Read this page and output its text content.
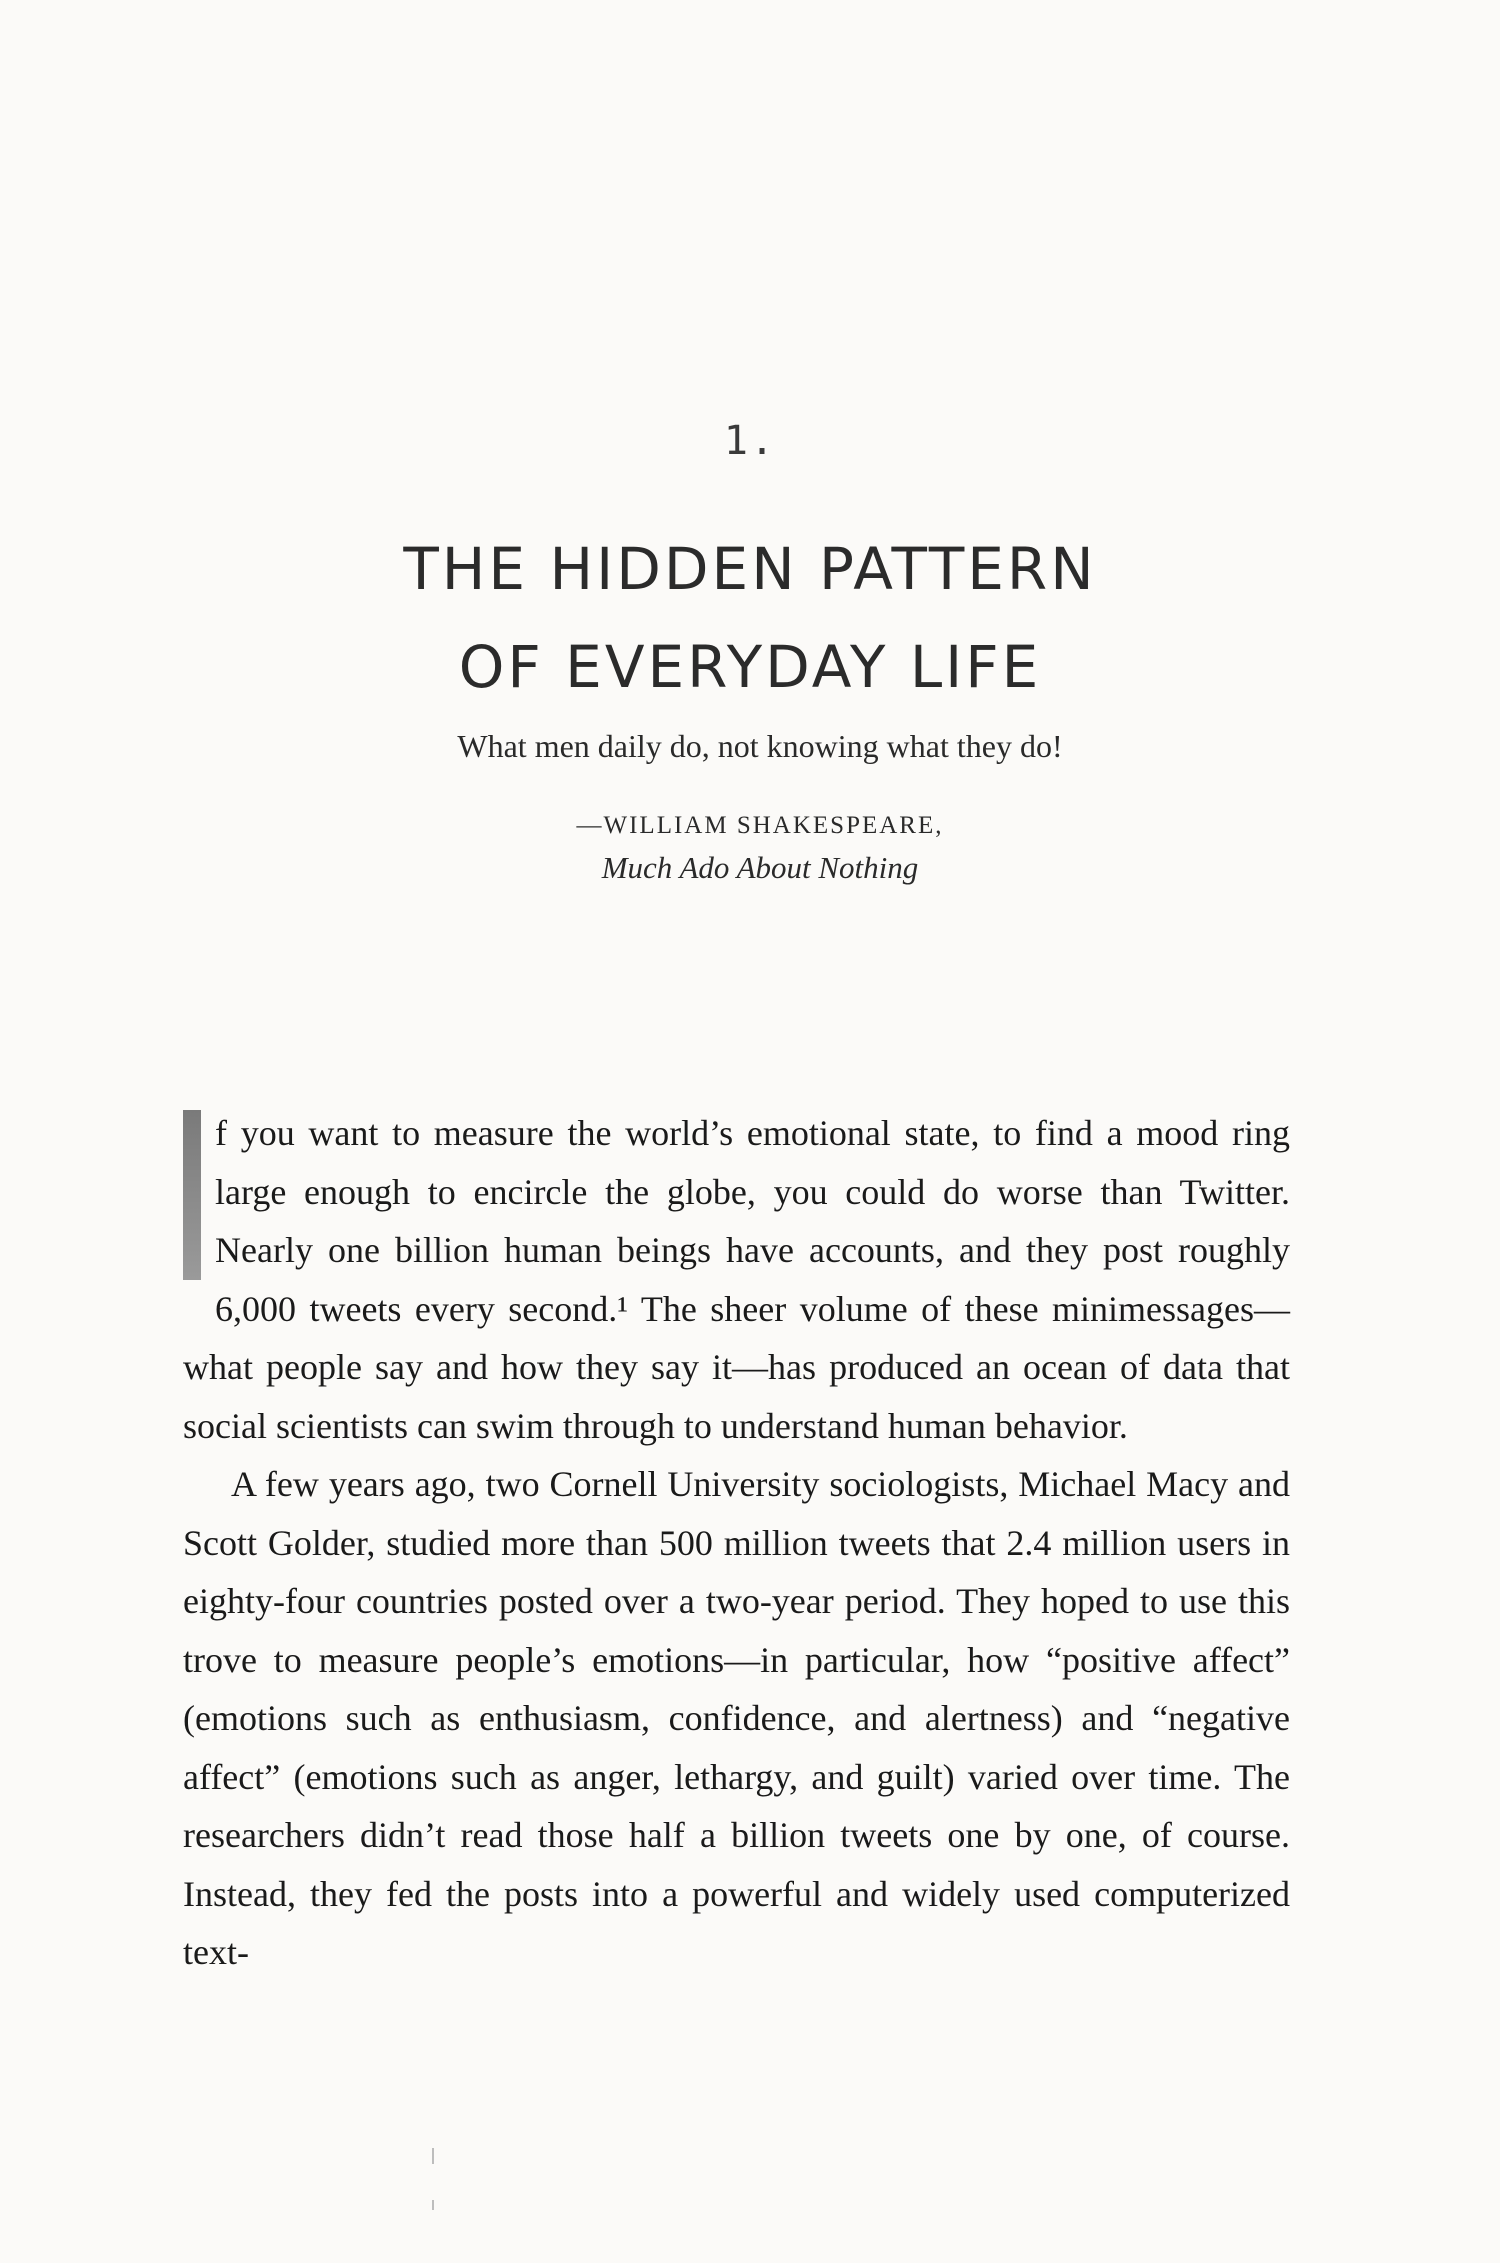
1.
THE HIDDEN PATTERN
OF EVERYDAY LIFE

What men daily do, not knowing what they do!

—WILLIAM SHAKESPEARE,

Much Ado About Nothing

f you want to measure the world’s emotional state, to find a mood ring large enough to encircle the globe, you could do worse than Twitter. Nearly one billion human beings have accounts, and they post roughly 6,000 tweets every second.¹ The sheer volume of these minimessages—what people say and how they say it—has produced an ocean of data that social scientists can swim through to understand human behavior.

A few years ago, two Cornell University sociologists, Michael Macy and Scott Golder, studied more than 500 million tweets that 2.4 million users in eighty-four countries posted over a two-year period. They hoped to use this trove to measure people’s emotions—in particular, how “positive affect” (emotions such as enthusiasm, confidence, and alertness) and “negative affect” (emotions such as anger, lethargy, and guilt) varied over time. The researchers didn’t read those half a billion tweets one by one, of course. Instead, they fed the posts into a powerful and widely used computerized text-
